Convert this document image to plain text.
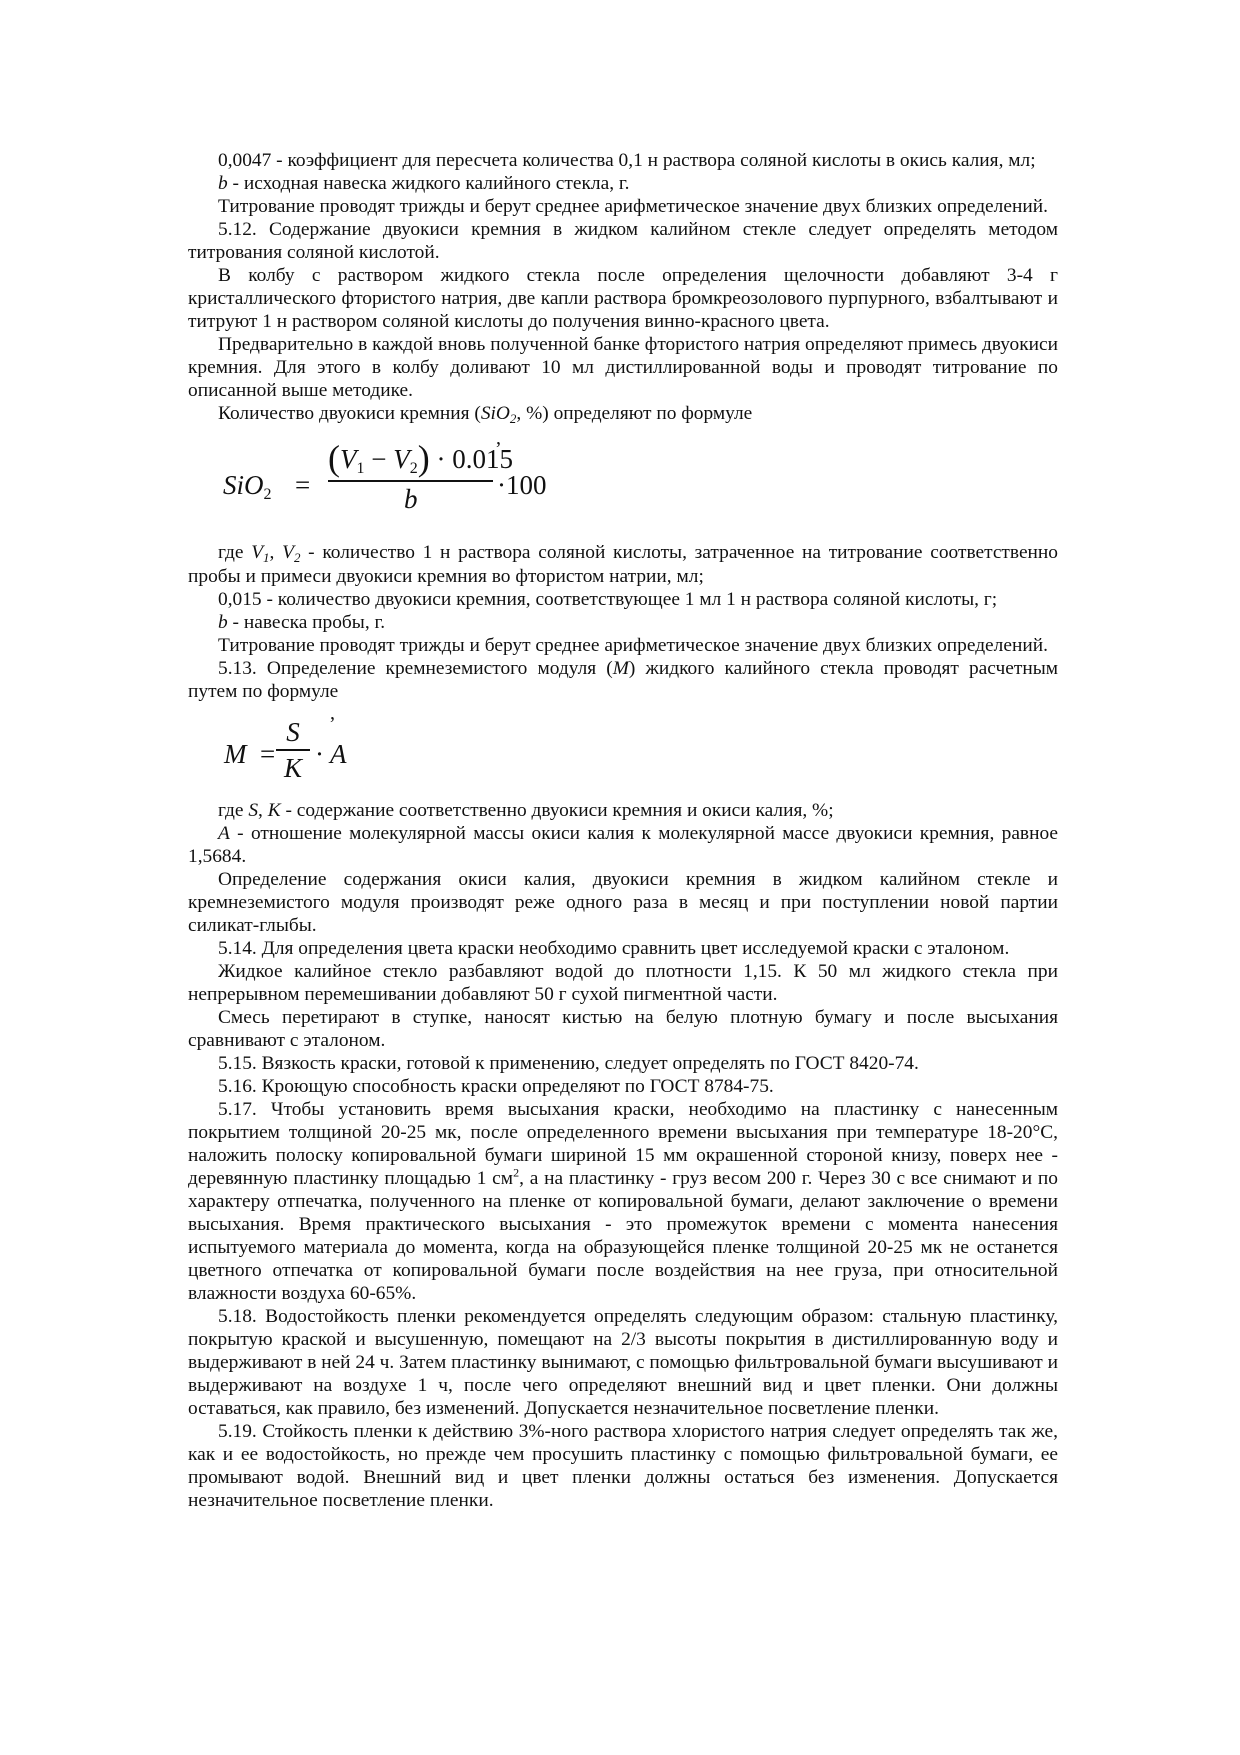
0,0047 - коэффициент для пересчета количества 0,1 н раствора соляной кислоты в окись калия, мл;

b - исходная навеска жидкого калийного стекла, г.

Титрование проводят трижды и берут среднее арифметическое значение двух близких определений.

5.12. Содержание двуокиси кремния в жидком калийном стекле следует определять методом титрования соляной кислотой.

В колбу с раствором жидкого стекла после определения щелочности добавляют 3-4 г кристаллического фтористого натрия, две капли раствора бромкреозолового пурпурного, взбалтывают и титруют 1 н раствором соляной кислоты до получения винно-красного цвета.

Предварительно в каждой вновь полученной банке фтористого натрия определяют примесь двуокиси кремния. Для этого в колбу доливают 10 мл дистиллированной воды и проводят титрование по описанной выше методике.

Количество двуокиси кремния (SiO$_2$, %) определяют по формуле

,
SiO2 =
(V1 − V2) · 0.015
b	·100

где $V_1$, $V_2$ - количество 1 н раствора соляной кислоты, затраченное на титрование соответственно пробы и примеси двуокиси кремния во фтористом натрии, мл;

0,015 - количество двуокиси кремния, соответствующее 1 мл 1 н раствора соляной кислоты, г;

b - навеска пробы, г.

Титрование проводят трижды и берут среднее арифметическое значение двух близких определений.

5.13. Определение кремнеземистого модуля (М) жидкого калийного стекла проводят расчетным путем по формуле

,
M =
S
K · A

где S, K - содержание соответственно двуокиси кремния и окиси калия, %;

А - отношение молекулярной массы окиси калия к молекулярной массе двуокиси кремния, равное 1,5684.

Определение содержания окиси калия, двуокиси кремния в жидком калийном стекле и кремнеземистого модуля производят реже одного раза в месяц и при поступлении новой партии силикат-глыбы.

5.14. Для определения цвета краски необходимо сравнить цвет исследуемой краски с эталоном.

Жидкое калийное стекло разбавляют водой до плотности 1,15. К 50 мл жидкого стекла при непрерывном перемешивании добавляют 50 г сухой пигментной части.

Смесь перетирают в ступке, наносят кистью на белую плотную бумагу и после высыхания сравнивают с эталоном.

5.15. Вязкость краски, готовой к применению, следует определять по ГОСТ 8420-74.

5.16. Кроющую способность краски определяют по ГОСТ 8784-75.

5.17. Чтобы установить время высыхания краски, необходимо на пластинку с нанесенным покрытием толщиной 20-25 мк, после определенного времени высыхания при температуре 18-20°С, наложить полоску копировальной бумаги шириной 15 мм окрашенной стороной книзу, поверх нее - деревянную пластинку площадью 1 $см^2$, а на пластинку - груз весом 200 г. Через 30 с все снимают и по характеру отпечатка, полученного на пленке от копировальной бумаги, делают заключение о времени высыхания. Время практического высыхания - это промежуток времени с момента нанесения испытуемого материала до момента, когда на образующейся пленке толщиной 20-25 мк не останется цветного отпечатка от копировальной бумаги после воздействия на нее груза, при относительной влажности воздуха 60-65%.

5.18. Водостойкость пленки рекомендуется определять следующим образом: стальную пластинку, покрытую краской и высушенную, помещают на 2/3 высоты покрытия в дистиллированную воду и выдерживают в ней 24 ч. Затем пластинку вынимают, с помощью фильтровальной бумаги высушивают и выдерживают на воздухе 1 ч, после чего определяют внешний вид и цвет пленки. Они должны оставаться, как правило, без изменений. Допускается незначительное посветление пленки.

5.19. Стойкость пленки к действию 3%-ного раствора хлористого натрия следует определять так же, как и ее водостойкость, но прежде чем просушить пластинку с помощью фильтровальной бумаги, ее промывают водой. Внешний вид и цвет пленки должны остаться без изменения. Допускается незначительное посветление пленки.
